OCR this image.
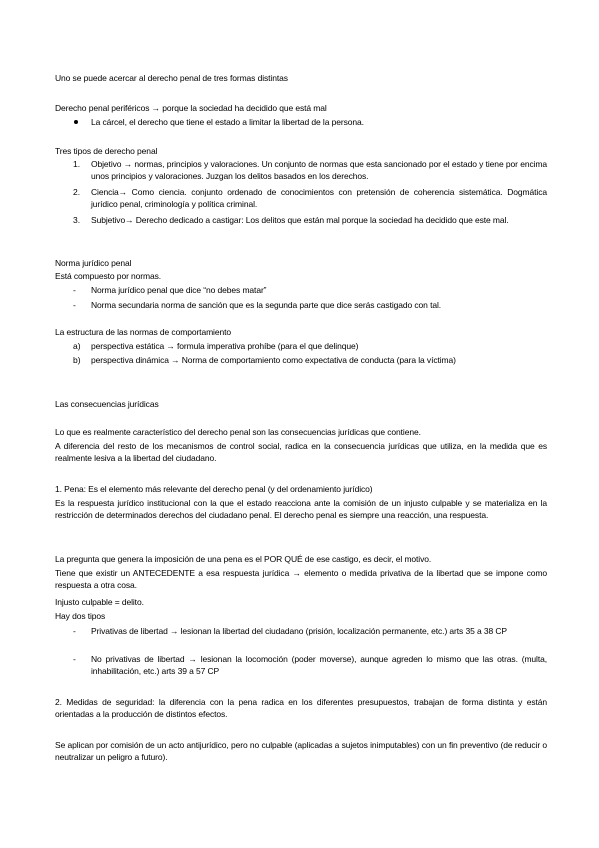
Uno se puede acercar al derecho penal de tres formas distintas
Derecho penal periféricos → porque la sociedad ha decidido que está mal
La cárcel, el derecho que tiene el estado a limitar la libertad de la persona.
Tres tipos de derecho penal
1. Objetivo → normas, principios y valoraciones. Un conjunto de normas que esta sancionado por el estado y tiene por encima unos principios y valoraciones. Juzgan los delitos basados en los derechos.
2. Ciencia→ Como ciencia. conjunto ordenado de conocimientos con pretensión de coherencia sistemática. Dogmática jurídico penal, criminología y política criminal.
3. Subjetivo→ Derecho dedicado a castigar: Los delitos que están mal porque la sociedad ha decidido que este mal.
Norma jurídico penal
Está compuesto por normas.
- Norma jurídico penal que dice “no debes matar”
- Norma secundaria norma de sanción que es la segunda parte que dice serás castigado con tal.
La estructura de las normas de comportamiento
a) perspectiva estática → formula imperativa prohíbe (para el que delinque)
b) perspectiva dinámica → Norma de comportamiento como expectativa de conducta (para la víctima)
Las consecuencias jurídicas
Lo que es realmente característico del derecho penal son las consecuencias jurídicas que contiene.
A diferencia del resto de los mecanismos de control social, radica en la consecuencia jurídicas que utiliza, en la medida que es realmente lesiva a la libertad del ciudadano.
1. Pena: Es el elemento más relevante del derecho penal (y del ordenamiento jurídico)
Es la respuesta jurídico institucional con la que el estado reacciona ante la comisión de un injusto culpable y se materializa en la restricción de determinados derechos del ciudadano penal. El derecho penal es siempre una reacción, una respuesta.
La pregunta que genera la imposición de una pena es el POR QUÉ de ese castigo, es decir, el motivo.
Tiene que existir un ANTECEDENTE a esa respuesta jurídica → elemento o medida privativa de la libertad que se impone como respuesta a otra cosa.
Injusto culpable = delito.
Hay dos tipos
- Privativas de libertad → lesionan la libertad del ciudadano (prisión, localización permanente, etc.) arts 35 a 38 CP
- No privativas de libertad → lesionan la locomoción (poder moverse), aunque agreden lo mismo que las otras. (multa, inhabilitación, etc.) arts 39 a 57 CP
2. Medidas de seguridad: la diferencia con la pena radica en los diferentes presupuestos, trabajan de forma distinta y están orientadas a la producción de distintos efectos.
Se aplican por comisión de un acto antijurídico, pero no culpable (aplicadas a sujetos inimputables) con un fin preventivo (de reducir o neutralizar un peligro a futuro).
